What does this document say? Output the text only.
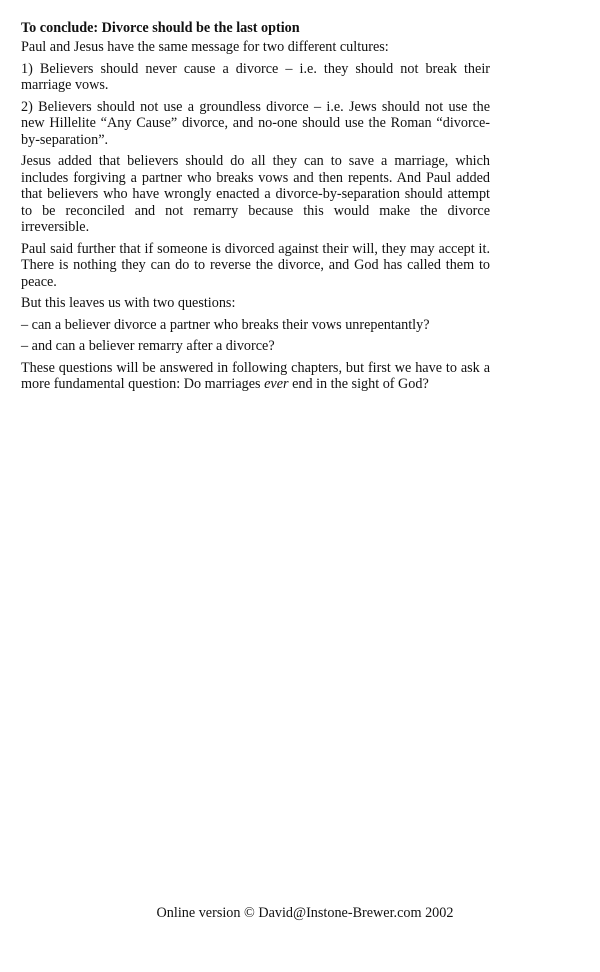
To conclude: Divorce should be the last option

Paul and Jesus have the same message for two different cultures:

1) Believers should never cause a divorce – i.e. they should not break their marriage vows.

2) Believers should not use a groundless divorce – i.e. Jews should not use the new Hillelite “Any Cause” divorce, and no-one should use the Roman “divorce-by-separation”.

Jesus added that believers should do all they can to save a marriage, which includes forgiving a partner who breaks vows and then repents. And Paul added that believers who have wrongly enacted a divorce-by-separation should attempt to be reconciled and not remarry because this would make the divorce irreversible.

Paul said further that if someone is divorced against their will, they may accept it. There is nothing they can do to reverse the divorce, and God has called them to peace.

But this leaves us with two questions:

– can a believer divorce a partner who breaks their vows unrepentantly?

– and can a believer remarry after a divorce?

These questions will be answered in following chapters, but first we have to ask a more fundamental question: Do marriages ever end in the sight of God?

Online version © David@Instone-Brewer.com 2002
